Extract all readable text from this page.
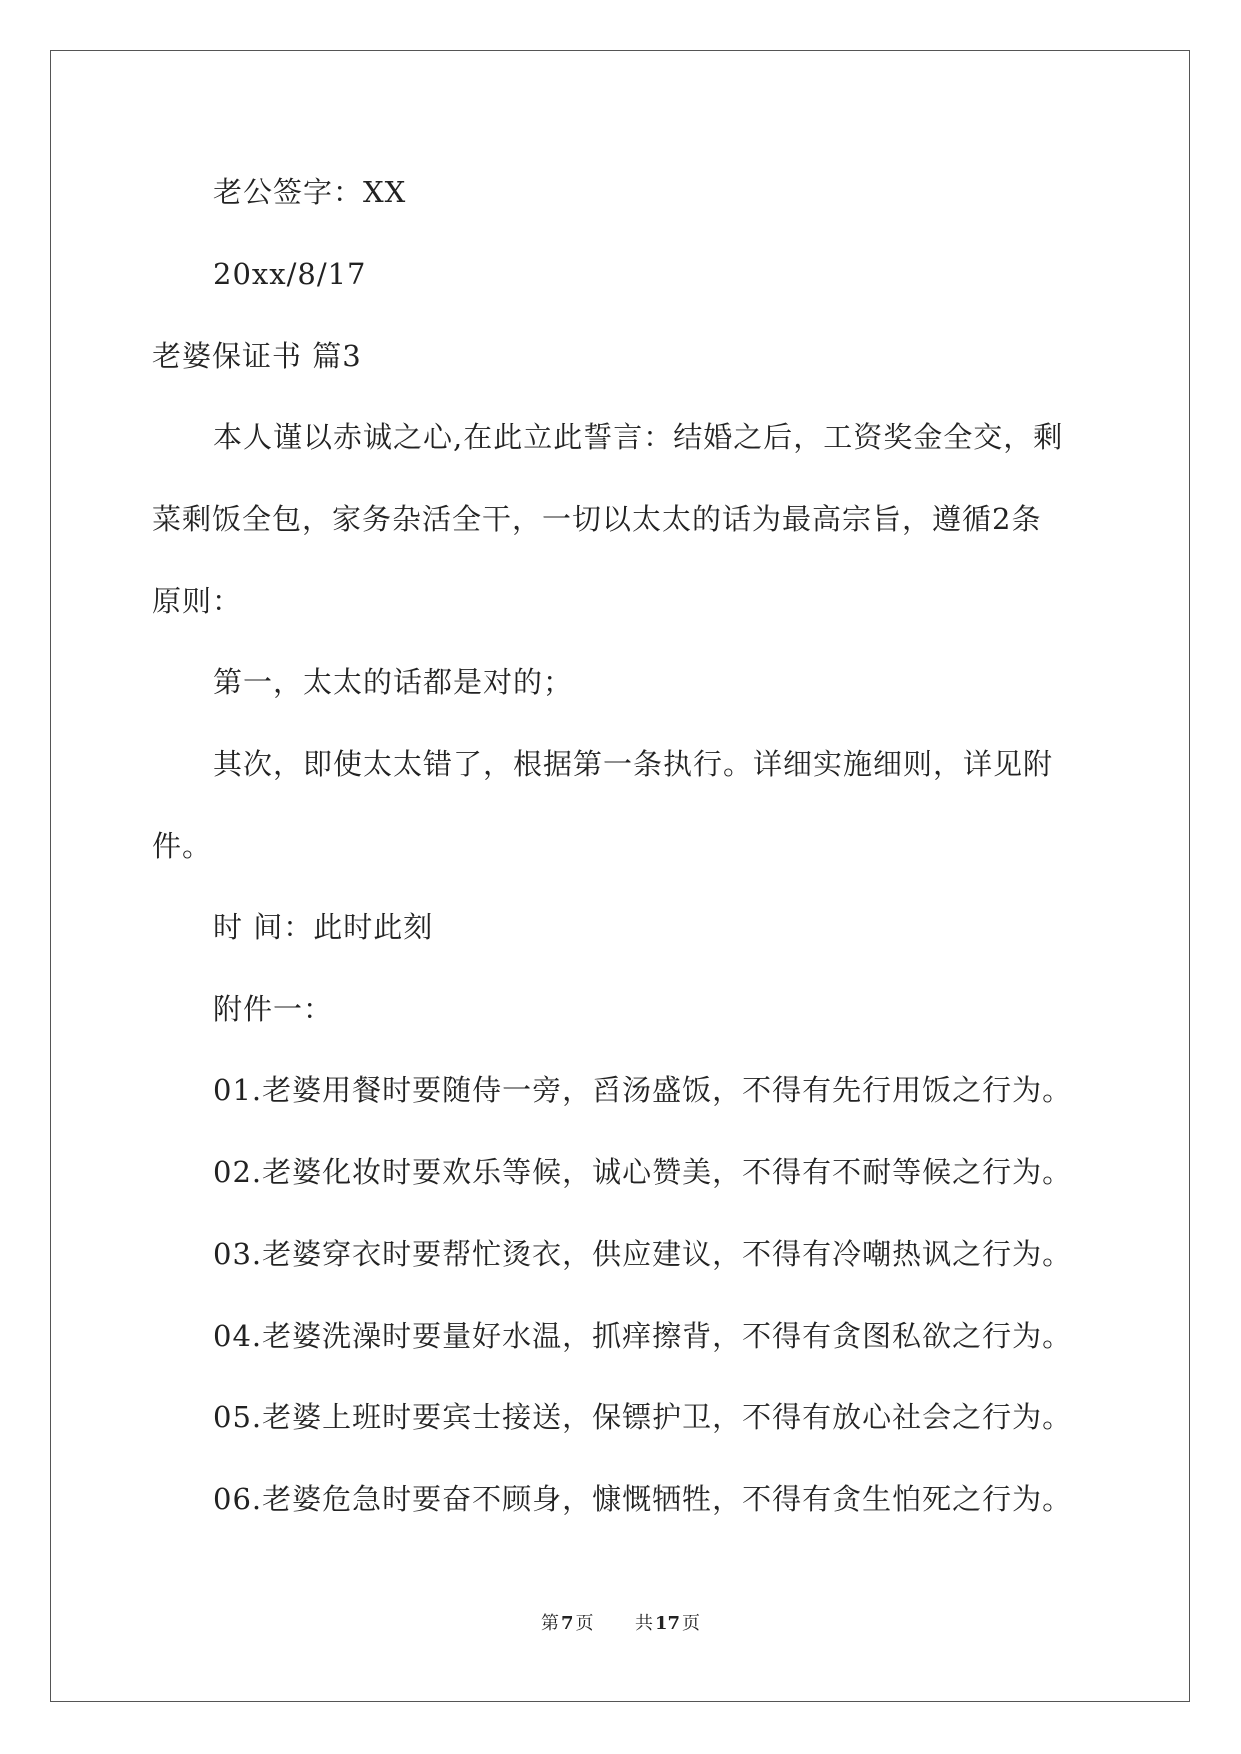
老公签字：XX
20xx/8/17
老婆保证书 篇3
本人谨以赤诚之心,在此立此誓言：结婚之后，工资奖金全交，剩
菜剩饭全包，家务杂活全干，一切以太太的话为最高宗旨，遵循2条
原则：
第一，太太的话都是对的；
其次，即使太太错了，根据第一条执行。详细实施细则，详见附
件。
时 间：此时此刻
附件一：
01.老婆用餐时要随侍一旁，舀汤盛饭，不得有先行用饭之行为。
02.老婆化妆时要欢乐等候，诚心赞美，不得有不耐等候之行为。
03.老婆穿衣时要帮忙烫衣，供应建议，不得有冷嘲热讽之行为。
04.老婆洗澡时要量好水温，抓痒擦背，不得有贪图私欲之行为。
05.老婆上班时要宾士接送，保镖护卫，不得有放心社会之行为。
06.老婆危急时要奋不顾身，慷慨牺牲，不得有贪生怕死之行为。
第 7 页 共 17 页
